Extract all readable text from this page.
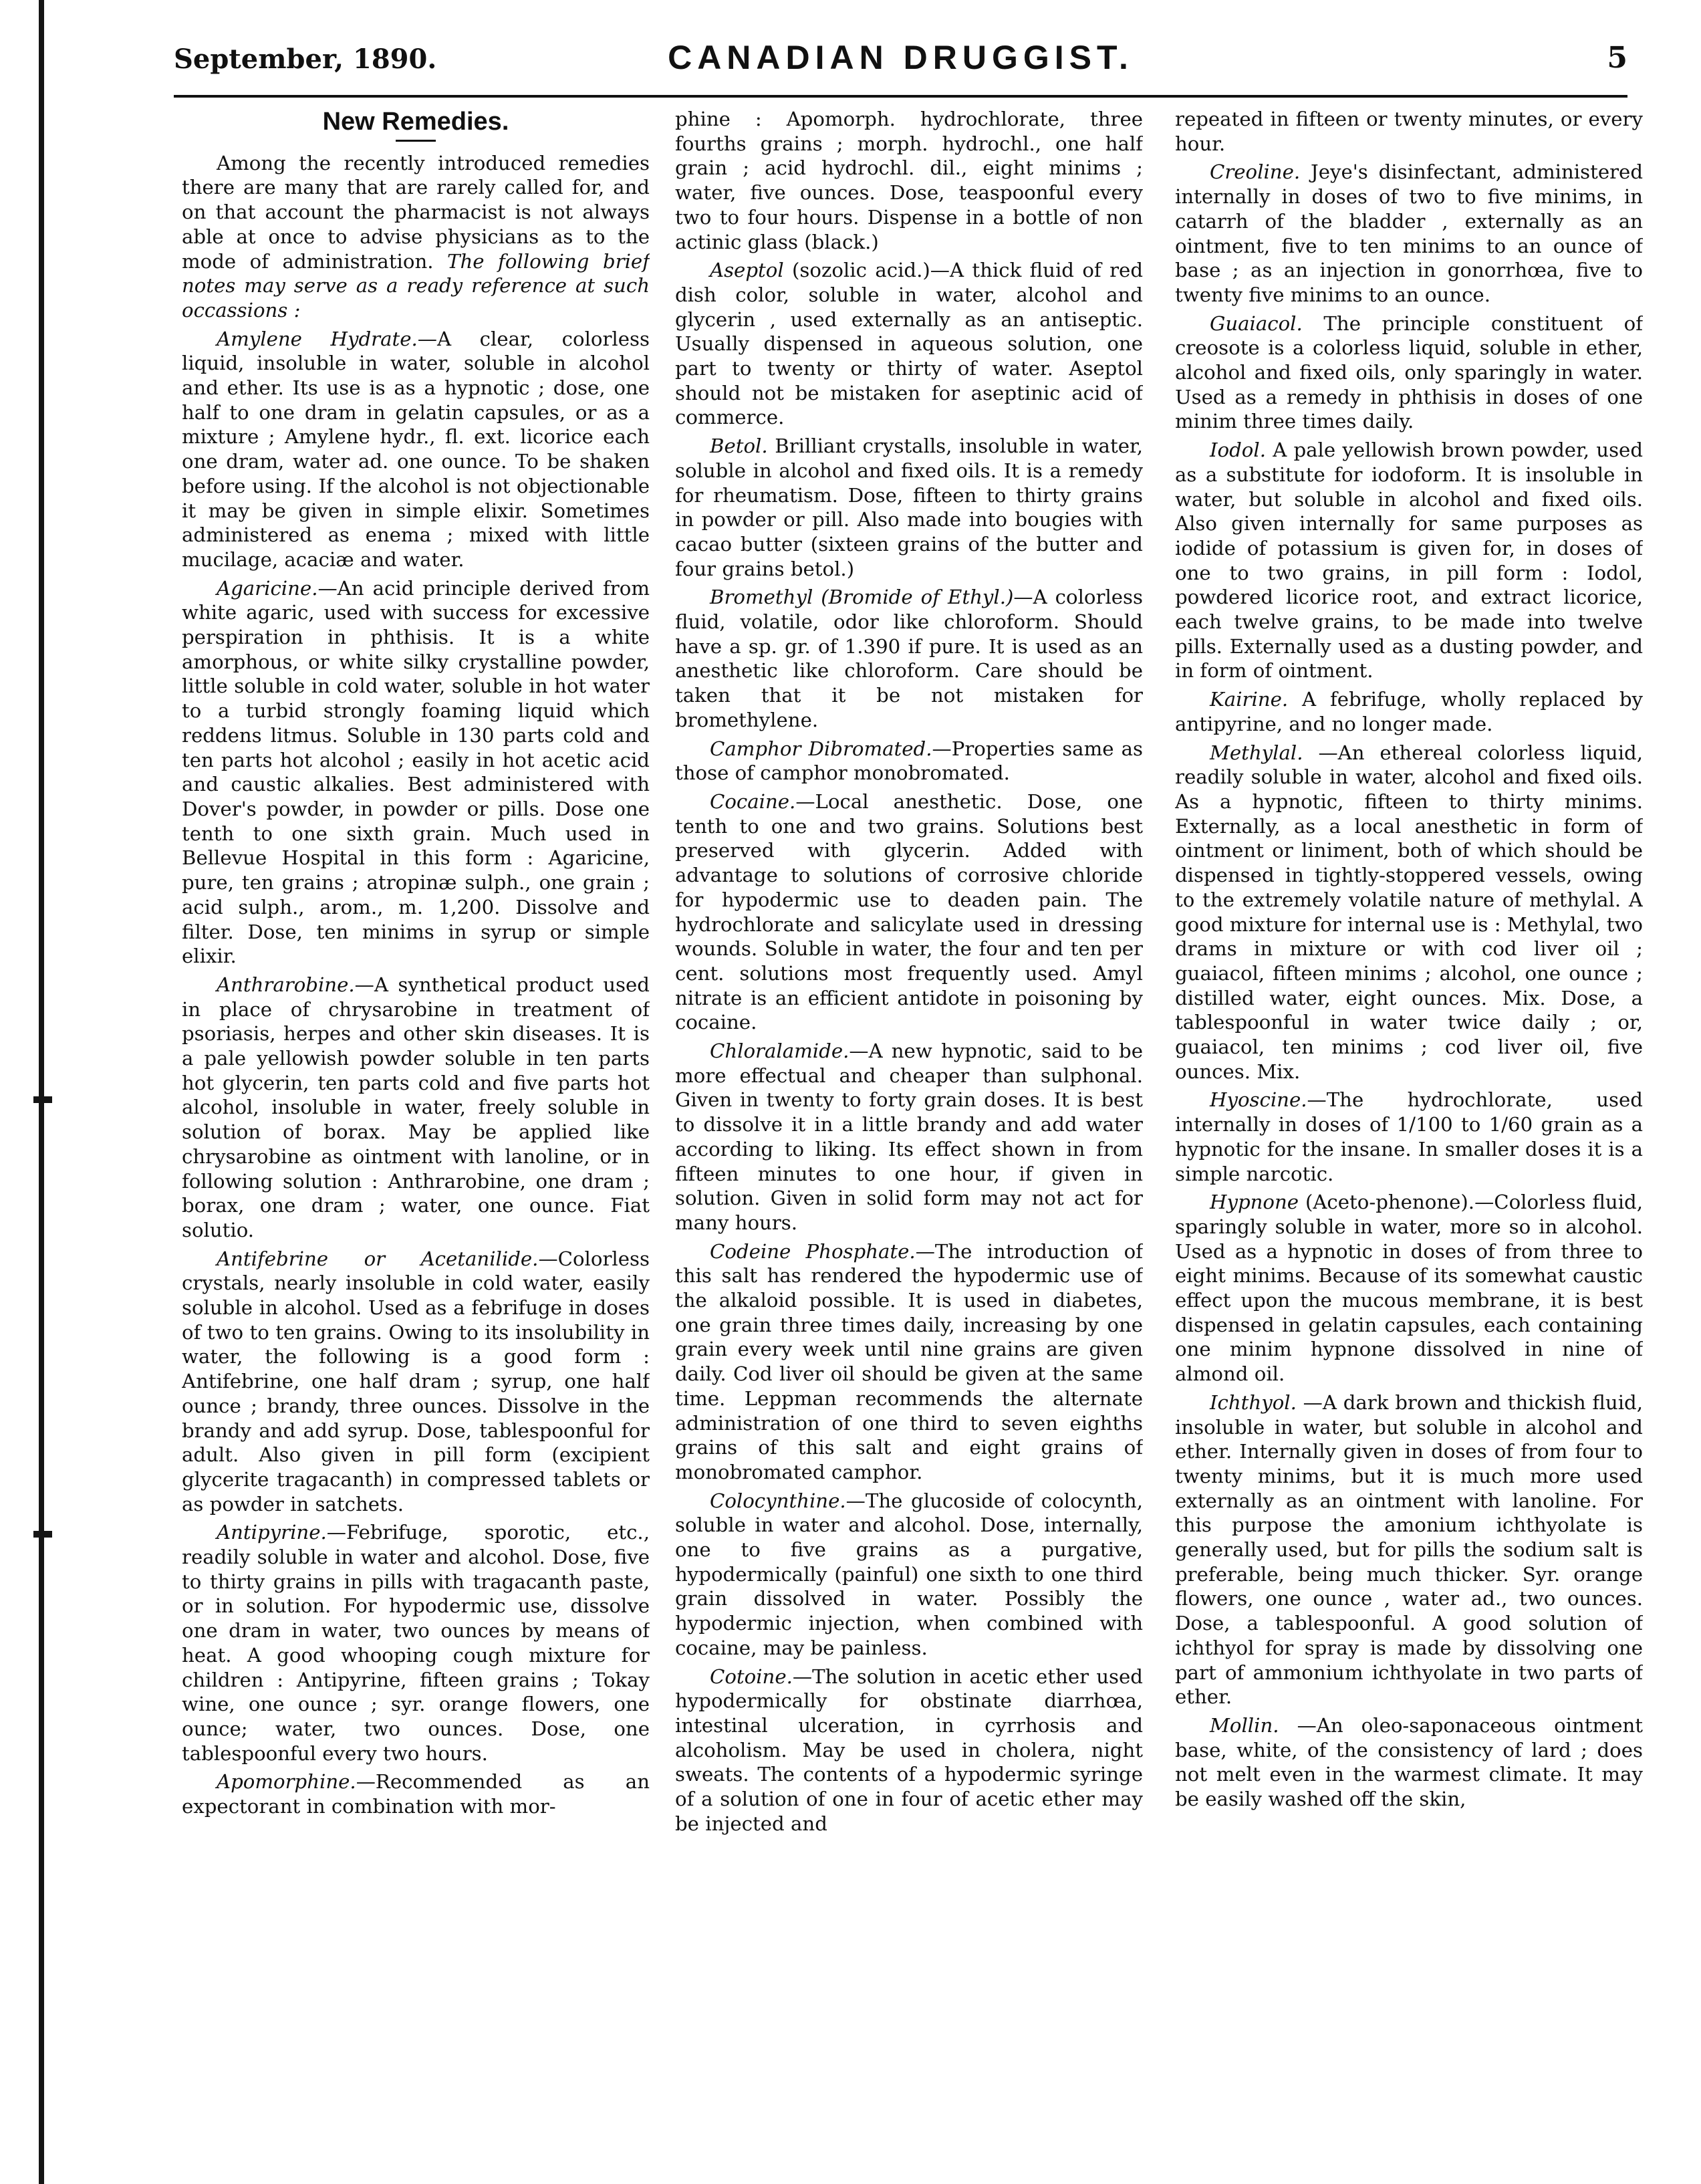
September, 1890.	CANADIAN DRUGGIST.	5
New Remedies.

Among the recently introduced remedies there are many that are rarely called for, and on that account the pharmacist is not always able at once to advise physicians as to the mode of administration. The following brief notes may serve as a ready reference at such occassions :

Amylene Hydrate.—A clear, colorless liquid, insoluble in water, soluble in alcohol and ether. Its use is as a hypnotic ; dose, one half to one dram in gelatin capsules, or as a mixture ; Amylene hydr., fl. ext. licorice each one dram, water ad. one ounce. To be shaken before using. If the alcohol is not objectionable it may be given in simple elixir. Sometimes administered as enema ; mixed with little mucilage, acaciæ and water.

Agaricine.—An acid principle derived from white agaric, used with success for excessive perspiration in phthisis. It is a white amorphous, or white silky crystalline powder, little soluble in cold water, soluble in hot water to a turbid strongly foaming liquid which reddens litmus. Soluble in 130 parts cold and ten parts hot alcohol ; easily in hot acetic acid and caustic alkalies. Best administered with Dover's powder, in powder or pills. Dose one tenth to one sixth grain. Much used in Bellevue Hospital in this form : Agaricine, pure, ten grains ; atropinæ sulph., one grain ; acid sulph., arom., m. 1,200. Dissolve and filter. Dose, ten minims in syrup or simple elixir.

Anthrarobine.—A synthetical product used in place of chrysarobine in treatment of psoriasis, herpes and other skin diseases. It is a pale yellowish powder soluble in ten parts hot glycerin, ten parts cold and five parts hot alcohol, insoluble in water, freely soluble in solution of borax. May be applied like chrysarobine as ointment with lanoline, or in following solution : Anthrarobine, one dram ; borax, one dram ; water, one ounce. Fiat solutio.

Antifebrine or Acetanilide.—Colorless crystals, nearly insoluble in cold water, easily soluble in alcohol. Used as a febrifuge in doses of two to ten grains. Owing to its insolubility in water, the following is a good form : Antifebrine, one half dram ; syrup, one half ounce ; brandy, three ounces. Dissolve in the brandy and add syrup. Dose, tablespoonful for adult. Also given in pill form (excipient glycerite tragacanth) in compressed tablets or as powder in satchets.

Antipyrine.—Febrifuge, sporotic, etc., readily soluble in water and alcohol. Dose, five to thirty grains in pills with tragacanth paste, or in solution. For hypodermic use, dissolve one dram in water, two ounces by means of heat. A good whooping cough mixture for children : Antipyrine, fifteen grains ; Tokay wine, one ounce ; syr. orange flowers, one ounce; water, two ounces. Dose, one tablespoonful every two hours.

Apomorphine.—Recommended as an expectorant in combination with mor-

phine : Apomorph. hydrochlorate, three fourths grains ; morph. hydrochl., one half grain ; acid hydrochl. dil., eight minims ; water, five ounces. Dose, teaspoonful every two to four hours. Dispense in a bottle of non actinic glass (black.)

Aseptol (sozolic acid.)—A thick fluid of red dish color, soluble in water, alcohol and glycerin , used externally as an antiseptic. Usually dispensed in aqueous solution, one part to twenty or thirty of water. Aseptol should not be mistaken for aseptinic acid of commerce.

Betol. Brilliant crystalls, insoluble in water, soluble in alcohol and fixed oils. It is a remedy for rheumatism. Dose, fifteen to thirty grains in powder or pill. Also made into bougies with cacao butter (sixteen grains of the butter and four grains betol.)

Bromethyl (Bromide of Ethyl.)—A colorless fluid, volatile, odor like chloroform. Should have a sp. gr. of 1.390 if pure. It is used as an anesthetic like chloroform. Care should be taken that it be not mistaken for bromethylene.

Camphor Dibromated.—Properties same as those of camphor monobromated.

Cocaine.—Local anesthetic. Dose, one tenth to one and two grains. Solutions best preserved with glycerin. Added with advantage to solutions of corrosive chloride for hypodermic use to deaden pain. The hydrochlorate and salicylate used in dressing wounds. Soluble in water, the four and ten per cent. solutions most frequently used. Amyl nitrate is an efficient antidote in poisoning by cocaine.

Chloralamide.—A new hypnotic, said to be more effectual and cheaper than sulphonal. Given in twenty to forty grain doses. It is best to dissolve it in a little brandy and add water according to liking. Its effect shown in from fifteen minutes to one hour, if given in solution. Given in solid form may not act for many hours.

Codeine Phosphate.—The introduction of this salt has rendered the hypodermic use of the alkaloid possible. It is used in diabetes, one grain three times daily, increasing by one grain every week until nine grains are given daily. Cod liver oil should be given at the same time. Leppman recommends the alternate administration of one third to seven eighths grains of this salt and eight grains of monobromated camphor.

Colocynthine.—The glucoside of colocynth, soluble in water and alcohol. Dose, internally, one to five grains as a purgative, hypodermically (painful) one sixth to one third grain dissolved in water. Possibly the hypodermic injection, when combined with cocaine, may be painless.

Cotoine.—The solution in acetic ether used hypodermically for obstinate diarrhœa, intestinal ulceration, in cyrrhosis and alcoholism. May be used in cholera, night sweats. The contents of a hypodermic syringe of a solution of one in four of acetic ether may be injected and

repeated in fifteen or twenty minutes, or every hour.

Creoline. Jeye's disinfectant, administered internally in doses of two to five minims, in catarrh of the bladder , externally as an ointment, five to ten minims to an ounce of base ; as an injection in gonorrhœa, five to twenty five minims to an ounce.

Guaiacol. The principle constituent of creosote is a colorless liquid, soluble in ether, alcohol and fixed oils, only sparingly in water. Used as a remedy in phthisis in doses of one minim three times daily.

Iodol. A pale yellowish brown powder, used as a substitute for iodoform. It is insoluble in water, but soluble in alcohol and fixed oils. Also given internally for same purposes as iodide of potassium is given for, in doses of one to two grains, in pill form : Iodol, powdered licorice root, and extract licorice, each twelve grains, to be made into twelve pills. Externally used as a dusting powder, and in form of ointment.

Kairine. A febrifuge, wholly replaced by antipyrine, and no longer made.

Methylal. —An ethereal colorless liquid, readily soluble in water, alcohol and fixed oils. As a hypnotic, fifteen to thirty minims. Externally, as a local anesthetic in form of ointment or liniment, both of which should be dispensed in tightly-stoppered vessels, owing to the extremely volatile nature of methylal. A good mixture for internal use is : Methylal, two drams in mixture or with cod liver oil ; guaiacol, fifteen minims ; alcohol, one ounce ; distilled water, eight ounces. Mix. Dose, a tablespoonful in water twice daily ; or, guaiacol, ten minims ; cod liver oil, five ounces. Mix.

Hyoscine.—The hydrochlorate, used internally in doses of 1/100 to 1/60 grain as a hypnotic for the insane. In smaller doses it is a simple narcotic.

Hypnone (Aceto-phenone).—Colorless fluid, sparingly soluble in water, more so in alcohol. Used as a hypnotic in doses of from three to eight minims. Because of its somewhat caustic effect upon the mucous membrane, it is best dispensed in gelatin capsules, each containing one minim hypnone dissolved in nine of almond oil.

Ichthyol. —A dark brown and thickish fluid, insoluble in water, but soluble in alcohol and ether. Internally given in doses of from four to twenty minims, but it is much more used externally as an ointment with lanoline. For this purpose the amonium ichthyolate is generally used, but for pills the sodium salt is preferable, being much thicker. Syr. orange flowers, one ounce , water ad., two ounces. Dose, a tablespoonful. A good solution of ichthyol for spray is made by dissolving one part of ammonium ichthyolate in two parts of ether.

Mollin. —An oleo-saponaceous ointment base, white, of the consistency of lard ; does not melt even in the warmest climate. It may be easily washed off the skin,
